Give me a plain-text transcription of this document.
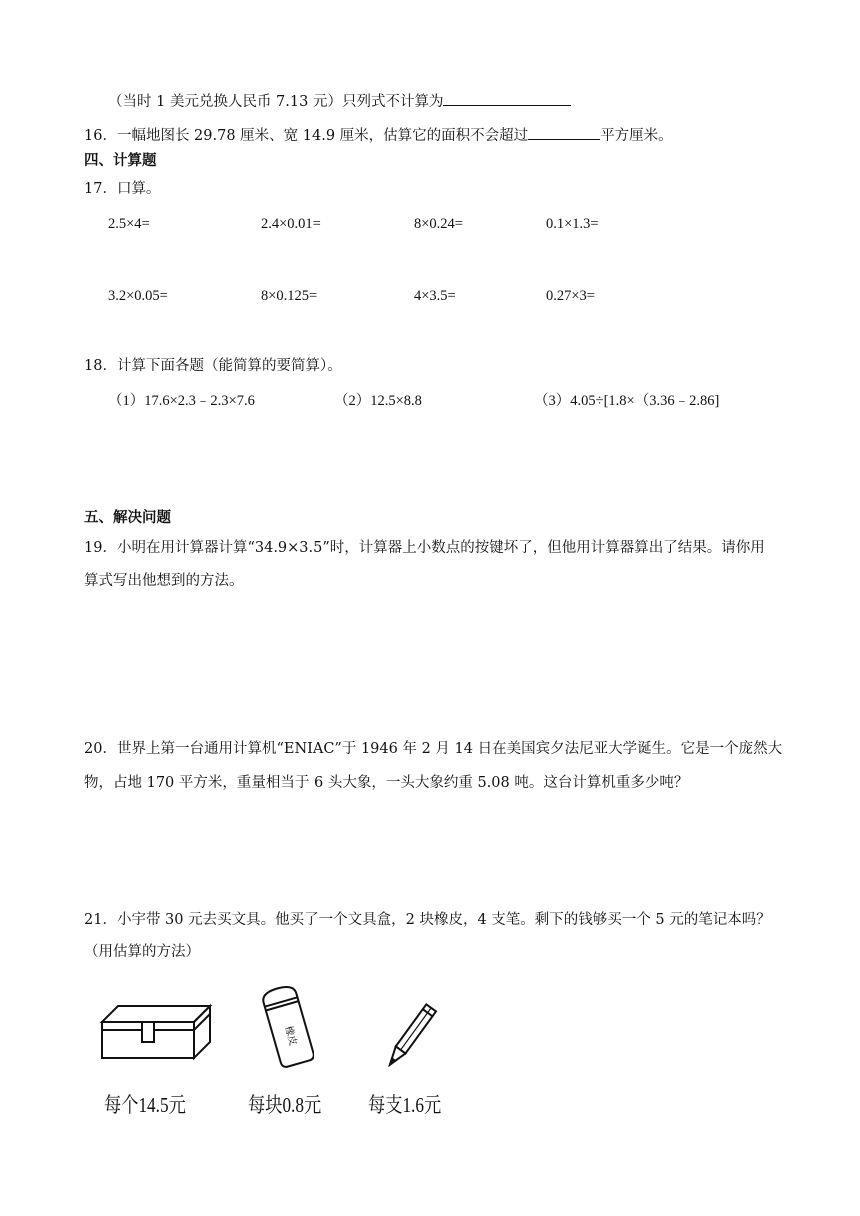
（当时 1 美元兑换人民币 7.13 元）只列式不计算为
16．一幅地图长 29.78 厘米、宽 14.9 厘米，估算它的面积不会超过	平方厘米。
四、计算题
17．口算。
2.5×4=	2.4×0.01=	8×0.24=	0.1×1.3=
3.2×0.05=	8×0.125=	4×3.5=	0.27×3=
18．计算下面各题（能简算的要简算）。
（1）17.6×2.3﹣2.3×7.6	（2）12.5×8.8	（3）4.05÷[1.8×（3.36﹣2.86]
五、解决问题
19．小明在用计算器计算“34.9×3.5”时，计算器上小数点的按键坏了，但他用计算器算出了结果。请你用
算式写出他想到的方法。
20．世界上第一台通用计算机“ENIAC”于 1946 年 2 月 14 日在美国宾夕法尼亚大学诞生。它是一个庞然大
物，占地 170 平方米，重量相当于 6 头大象，一头大象约重 5.08 吨。这台计算机重多少吨？
21．小宇带 30 元去买文具。他买了一个文具盒，2 块橡皮，4 支笔。剩下的钱够买一个 5 元的笔记本吗？
（用估算的方法）
橡皮
每个14.5元	每块0.8元 每支1.6元
